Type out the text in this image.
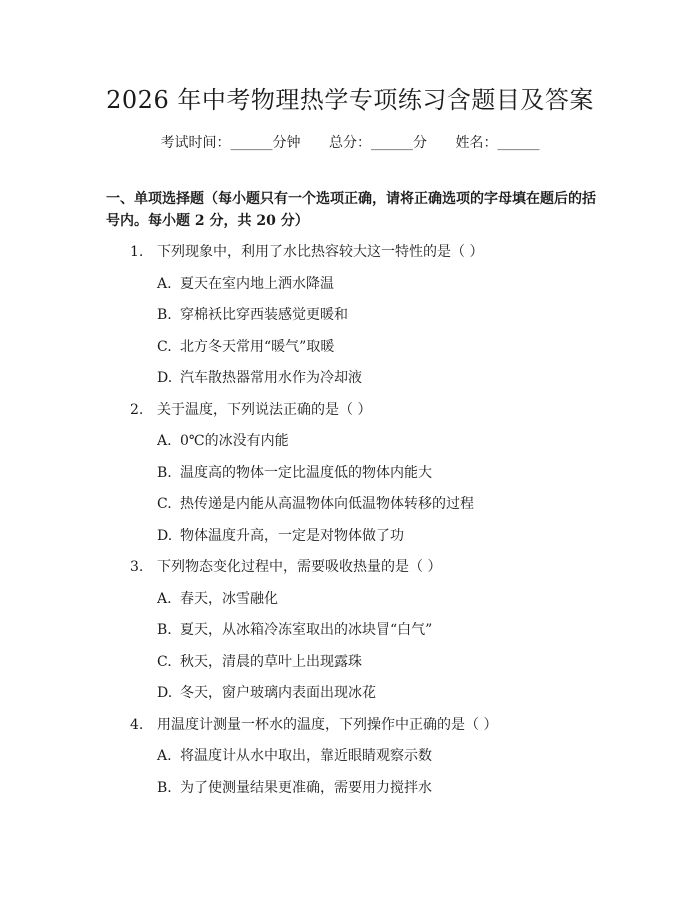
2026 年中考物理热学专项练习含题目及答案
考试时间：______分钟 总分：______分 姓名：______
一、单项选择题（每小题只有一个选项正确，请将正确选项的字母填在题后的括号内。每小题 2 分，共 20 分）
1. 下列现象中，利用了水比热容较大这一特性的是（ ）
A. 夏天在室内地上洒水降温
B. 穿棉袄比穿西装感觉更暖和
C. 北方冬天常用“暖气”取暖
D. 汽车散热器常用水作为冷却液
2. 关于温度，下列说法正确的是（ ）
A. 0℃的冰没有内能
B. 温度高的物体一定比温度低的物体内能大
C. 热传递是内能从高温物体向低温物体转移的过程
D. 物体温度升高，一定是对物体做了功
3. 下列物态变化过程中，需要吸收热量的是（ ）
A. 春天，冰雪融化
B. 夏天，从冰箱冷冻室取出的冰块冒“白气”
C. 秋天，清晨的草叶上出现露珠
D. 冬天，窗户玻璃内表面出现冰花
4. 用温度计测量一杯水的温度，下列操作中正确的是（ ）
A. 将温度计从水中取出，靠近眼睛观察示数
B. 为了使测量结果更准确，需要用力搅拌水
